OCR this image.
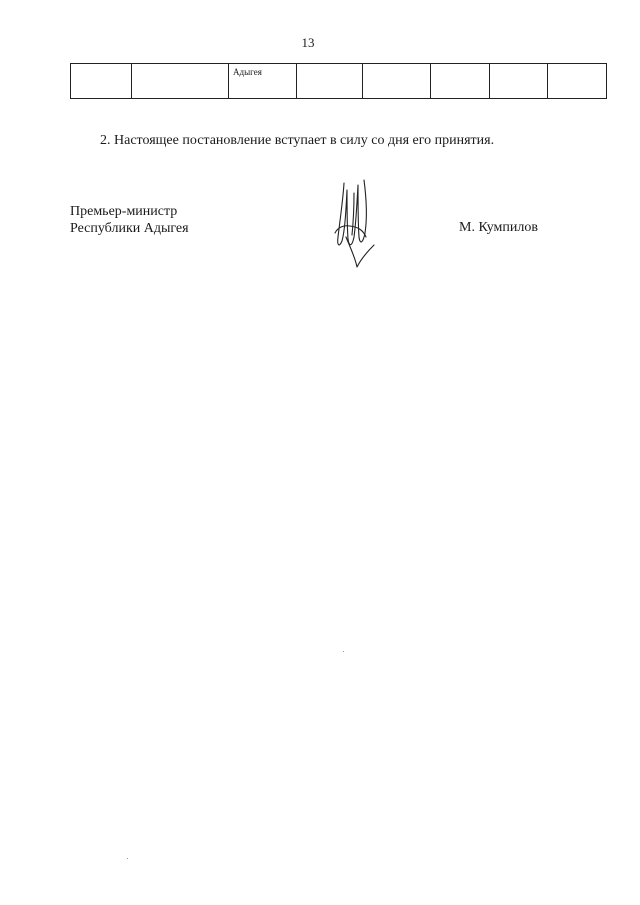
13
		Адыгея					
2. Настоящее постановление вступает в силу со дня его принятия.
Премьер-министр
Республики Адыгея	М. Кумпилов
